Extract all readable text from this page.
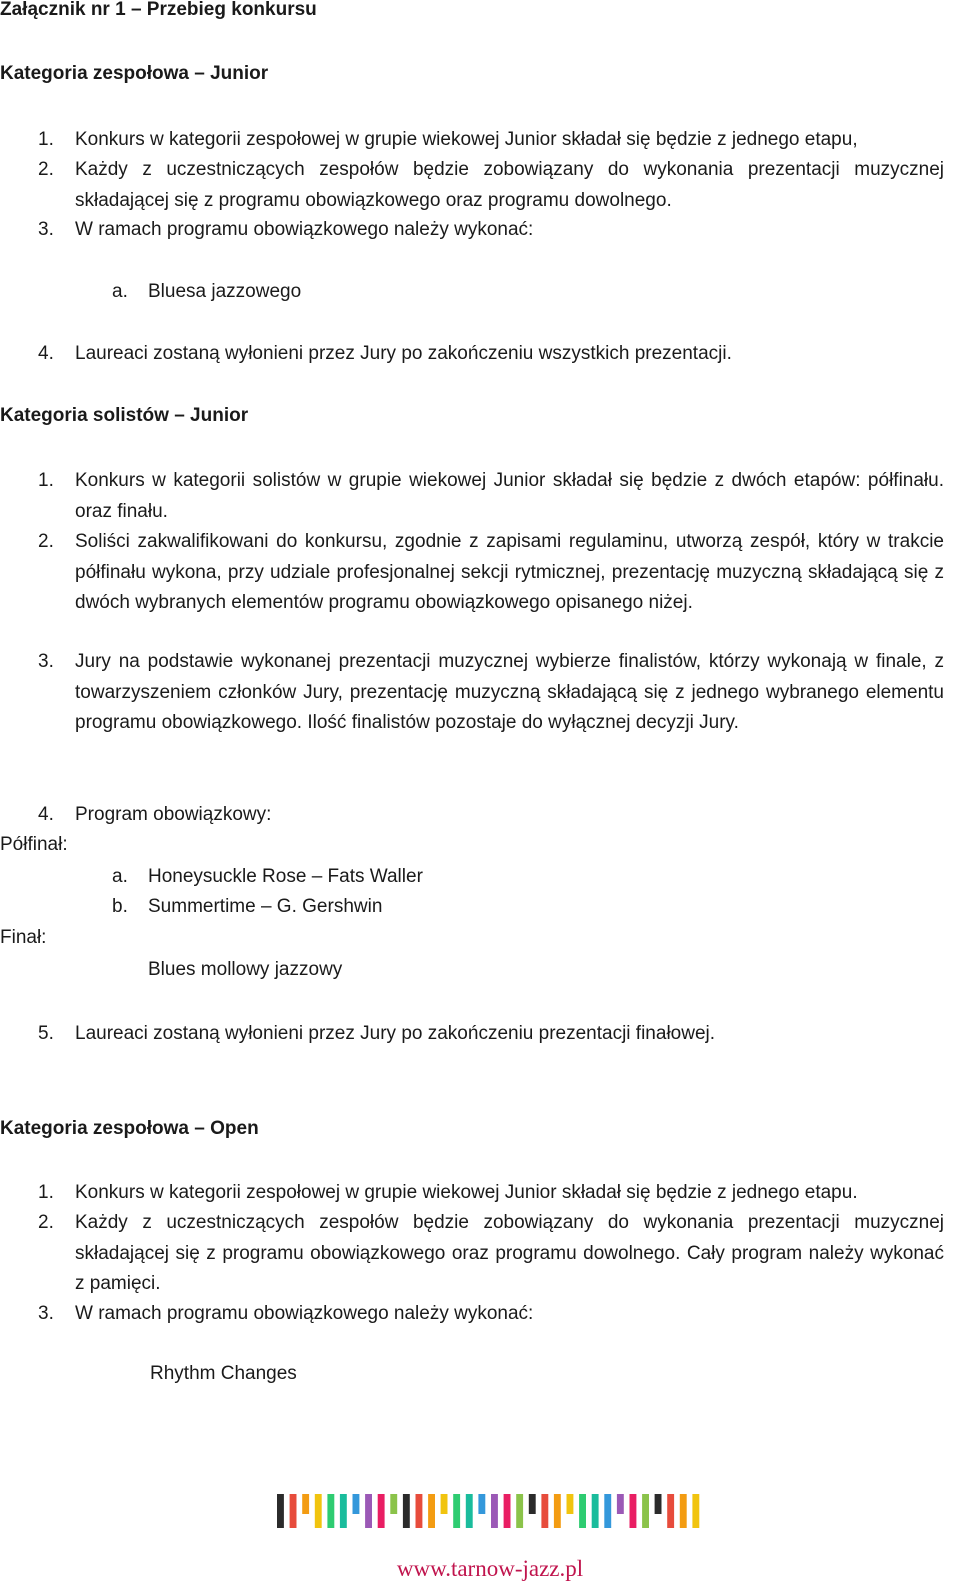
Załącznik nr 1 – Przebieg konkursu
Kategoria zespołowa – Junior
1. Konkurs w kategorii zespołowej w grupie wiekowej Junior składał się będzie z jednego etapu,
2. Każdy z uczestniczących zespołów będzie zobowiązany do wykonania prezentacji muzycznej składającej się z programu obowiązkowego oraz programu dowolnego.
3. W ramach programu obowiązkowego należy wykonać:
a. Bluesa jazzowego
4. Laureaci zostaną wyłonieni przez Jury po zakończeniu wszystkich prezentacji.
Kategoria solistów – Junior
1. Konkurs w kategorii solistów w grupie wiekowej Junior składał się będzie z dwóch etapów: półfinału. oraz finału.
2. Soliści zakwalifikowani do konkursu, zgodnie z zapisami regulaminu, utworzą zespół, który w trakcie półfinału wykona, przy udziale profesjonalnej sekcji rytmicznej, prezentację muzyczną składającą się z dwóch wybranych elementów programu obowiązkowego opisanego niżej.
3. Jury na podstawie wykonanej prezentacji muzycznej wybierze finalistów, którzy wykonają w finale, z towarzyszeniem członków Jury, prezentację muzyczną składającą się z jednego wybranego elementu programu obowiązkowego. Ilość finalistów pozostaje do wyłącznej decyzji Jury.
4. Program obowiązkowy:
Półfinał:
a. Honeysuckle Rose – Fats Waller
b. Summertime – G. Gershwin
Finał:
Blues mollowy jazzowy
5. Laureaci zostaną wyłonieni przez Jury po zakończeniu prezentacji finałowej.
Kategoria zespołowa – Open
1. Konkurs w kategorii zespołowej w grupie wiekowej Junior składał się będzie z jednego etapu.
2. Każdy z uczestniczących zespołów będzie zobowiązany do wykonania prezentacji muzycznej składającej się z programu obowiązkowego oraz programu dowolnego. Cały program należy wykonać z pamięci.
3. W ramach programu obowiązkowego należy wykonać:
Rhythm Changes
www.tarnow-jazz.pl
